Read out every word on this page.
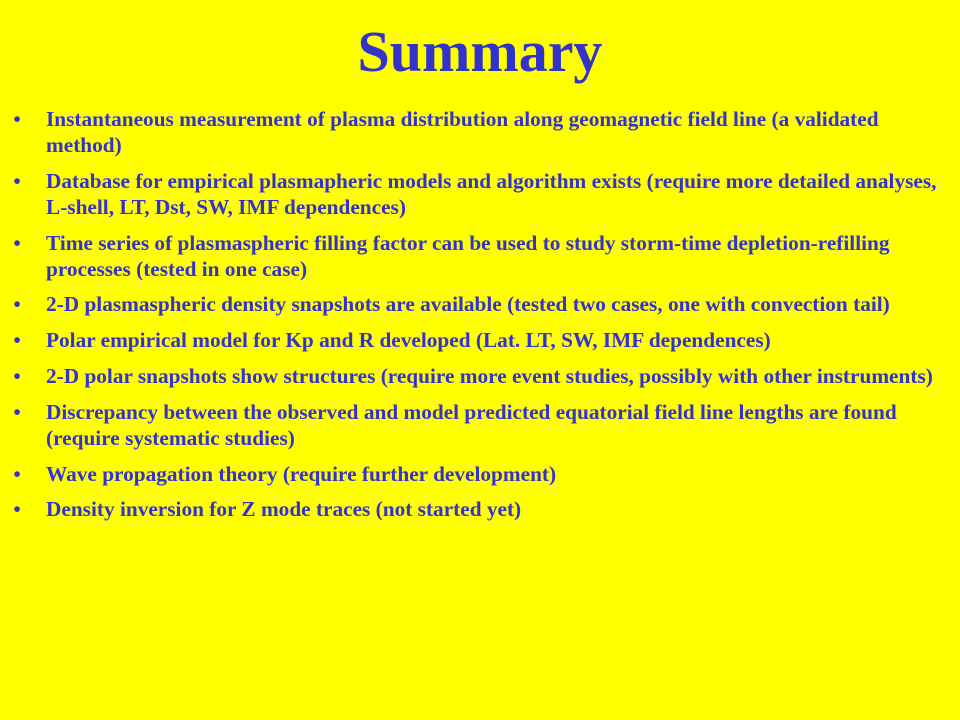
Summary
• Instantaneous measurement of plasma distribution along geomagnetic field line (a validated method)
• Database for empirical plasmapheric models and algorithm exists (require more detailed analyses, L-shell, LT, Dst, SW, IMF dependences)
• Time series of plasmaspheric filling factor can be used to study storm-time depletion-refilling processes (tested in one case)
• 2-D plasmaspheric density snapshots are available (tested two cases, one with convection tail)
• Polar empirical model for Kp and R developed (Lat. LT, SW, IMF dependences)
• 2-D polar snapshots show structures (require more event studies, possibly with other instruments)
• Discrepancy between the observed and model predicted equatorial field line lengths are found (require systematic studies)
• Wave propagation theory (require further development)
• Density inversion for Z mode traces (not started yet)
